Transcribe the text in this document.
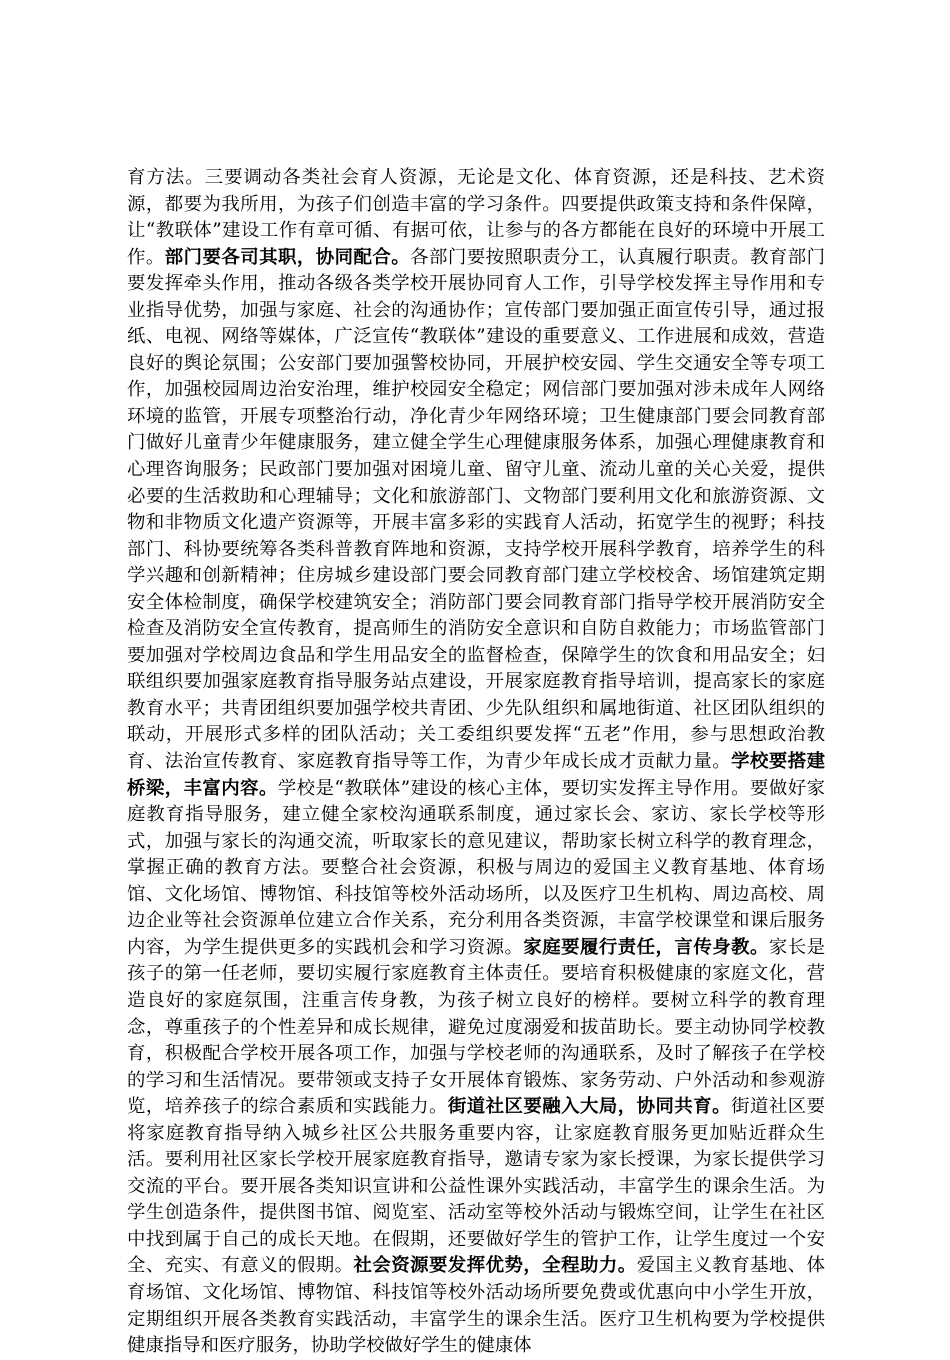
育方法。三要调动各类社会育人资源，无论是文化、体育资源，还是科技、艺术资源，都要为我所用，为孩子们创造丰富的学习条件。四要提供政策支持和条件保障，让“教联体”建设工作有章可循、有据可依，让参与的各方都能在良好的环境中开展工作。部门要各司其职，协同配合。各部门要按照职责分工，认真履行职责。教育部门要发挥牵头作用，推动各级各类学校开展协同育人工作，引导学校发挥主导作用和专业指导优势，加强与家庭、社会的沟通协作；宣传部门要加强正面宣传引导，通过报纸、电视、网络等媒体，广泛宣传“教联体”建设的重要意义、工作进展和成效，营造良好的舆论氛围；公安部门要加强警校协同，开展护校安园、学生交通安全等专项工作，加强校园周边治安治理，维护校园安全稳定；网信部门要加强对涉未成年人网络环境的监管，开展专项整治行动，净化青少年网络环境；卫生健康部门要会同教育部门做好儿童青少年健康服务，建立健全学生心理健康服务体系，加强心理健康教育和心理咨询服务；民政部门要加强对困境儿童、留守儿童、流动儿童的关心关爱，提供必要的生活救助和心理辅导；文化和旅游部门、文物部门要利用文化和旅游资源、文物和非物质文化遗产资源等，开展丰富多彩的实践育人活动，拓宽学生的视野；科技部门、科协要统筹各类科普教育阵地和资源，支持学校开展科学教育，培养学生的科学兴趣和创新精神；住房城乡建设部门要会同教育部门建立学校校舍、场馆建筑定期安全体检制度，确保学校建筑安全；消防部门要会同教育部门指导学校开展消防安全检查及消防安全宣传教育，提高师生的消防安全意识和自防自救能力；市场监管部门要加强对学校周边食品和学生用品安全的监督检查，保障学生的饮食和用品安全；妇联组织要加强家庭教育指导服务站点建设，开展家庭教育指导培训，提高家长的家庭教育水平；共青团组织要加强学校共青团、少先队组织和属地街道、社区团队组织的联动，开展形式多样的团队活动；关工委组织要发挥“五老”作用，参与思想政治教育、法治宣传教育、家庭教育指导等工作，为青少年成长成才贡献力量。学校要搭建桥梁，丰富内容。学校是“教联体”建设的核心主体，要切实发挥主导作用。要做好家庭教育指导服务，建立健全家校沟通联系制度，通过家长会、家访、家长学校等形式，加强与家长的沟通交流，听取家长的意见建议，帮助家长树立科学的教育理念，掌握正确的教育方法。要整合社会资源，积极与周边的爱国主义教育基地、体育场馆、文化场馆、博物馆、科技馆等校外活动场所，以及医疗卫生机构、周边高校、周边企业等社会资源单位建立合作关系，充分利用各类资源，丰富学校课堂和课后服务内容，为学生提供更多的实践机会和学习资源。家庭要履行责任，言传身教。家长是孩子的第一任老师，要切实履行家庭教育主体责任。要培育积极健康的家庭文化，营造良好的家庭氛围，注重言传身教，为孩子树立良好的榜样。要树立科学的教育理念，尊重孩子的个性差异和成长规律，避免过度溺爱和拔苗助长。要主动协同学校教育，积极配合学校开展各项工作，加强与学校老师的沟通联系，及时了解孩子在学校的学习和生活情况。要带领或支持子女开展体育锻炼、家务劳动、户外活动和参观游览，培养孩子的综合素质和实践能力。街道社区要融入大局，协同共育。街道社区要将家庭教育指导纳入城乡社区公共服务重要内容，让家庭教育服务更加贴近群众生活。要利用社区家长学校开展家庭教育指导，邀请专家为家长授课，为家长提供学习交流的平台。要开展各类知识宣讲和公益性课外实践活动，丰富学生的课余生活。为学生创造条件，提供图书馆、阅览室、活动室等校外活动与锻炼空间，让学生在社区中找到属于自己的成长天地。在假期，还要做好学生的管护工作，让学生度过一个安全、充实、有意义的假期。社会资源要发挥优势，全程助力。爱国主义教育基地、体育场馆、文化场馆、博物馆、科技馆等校外活动场所要免费或优惠向中小学生开放，定期组织开展各类教育实践活动，丰富学生的课余生活。医疗卫生机构要为学校提供健康指导和医疗服务，协助学校做好学生的健康体
